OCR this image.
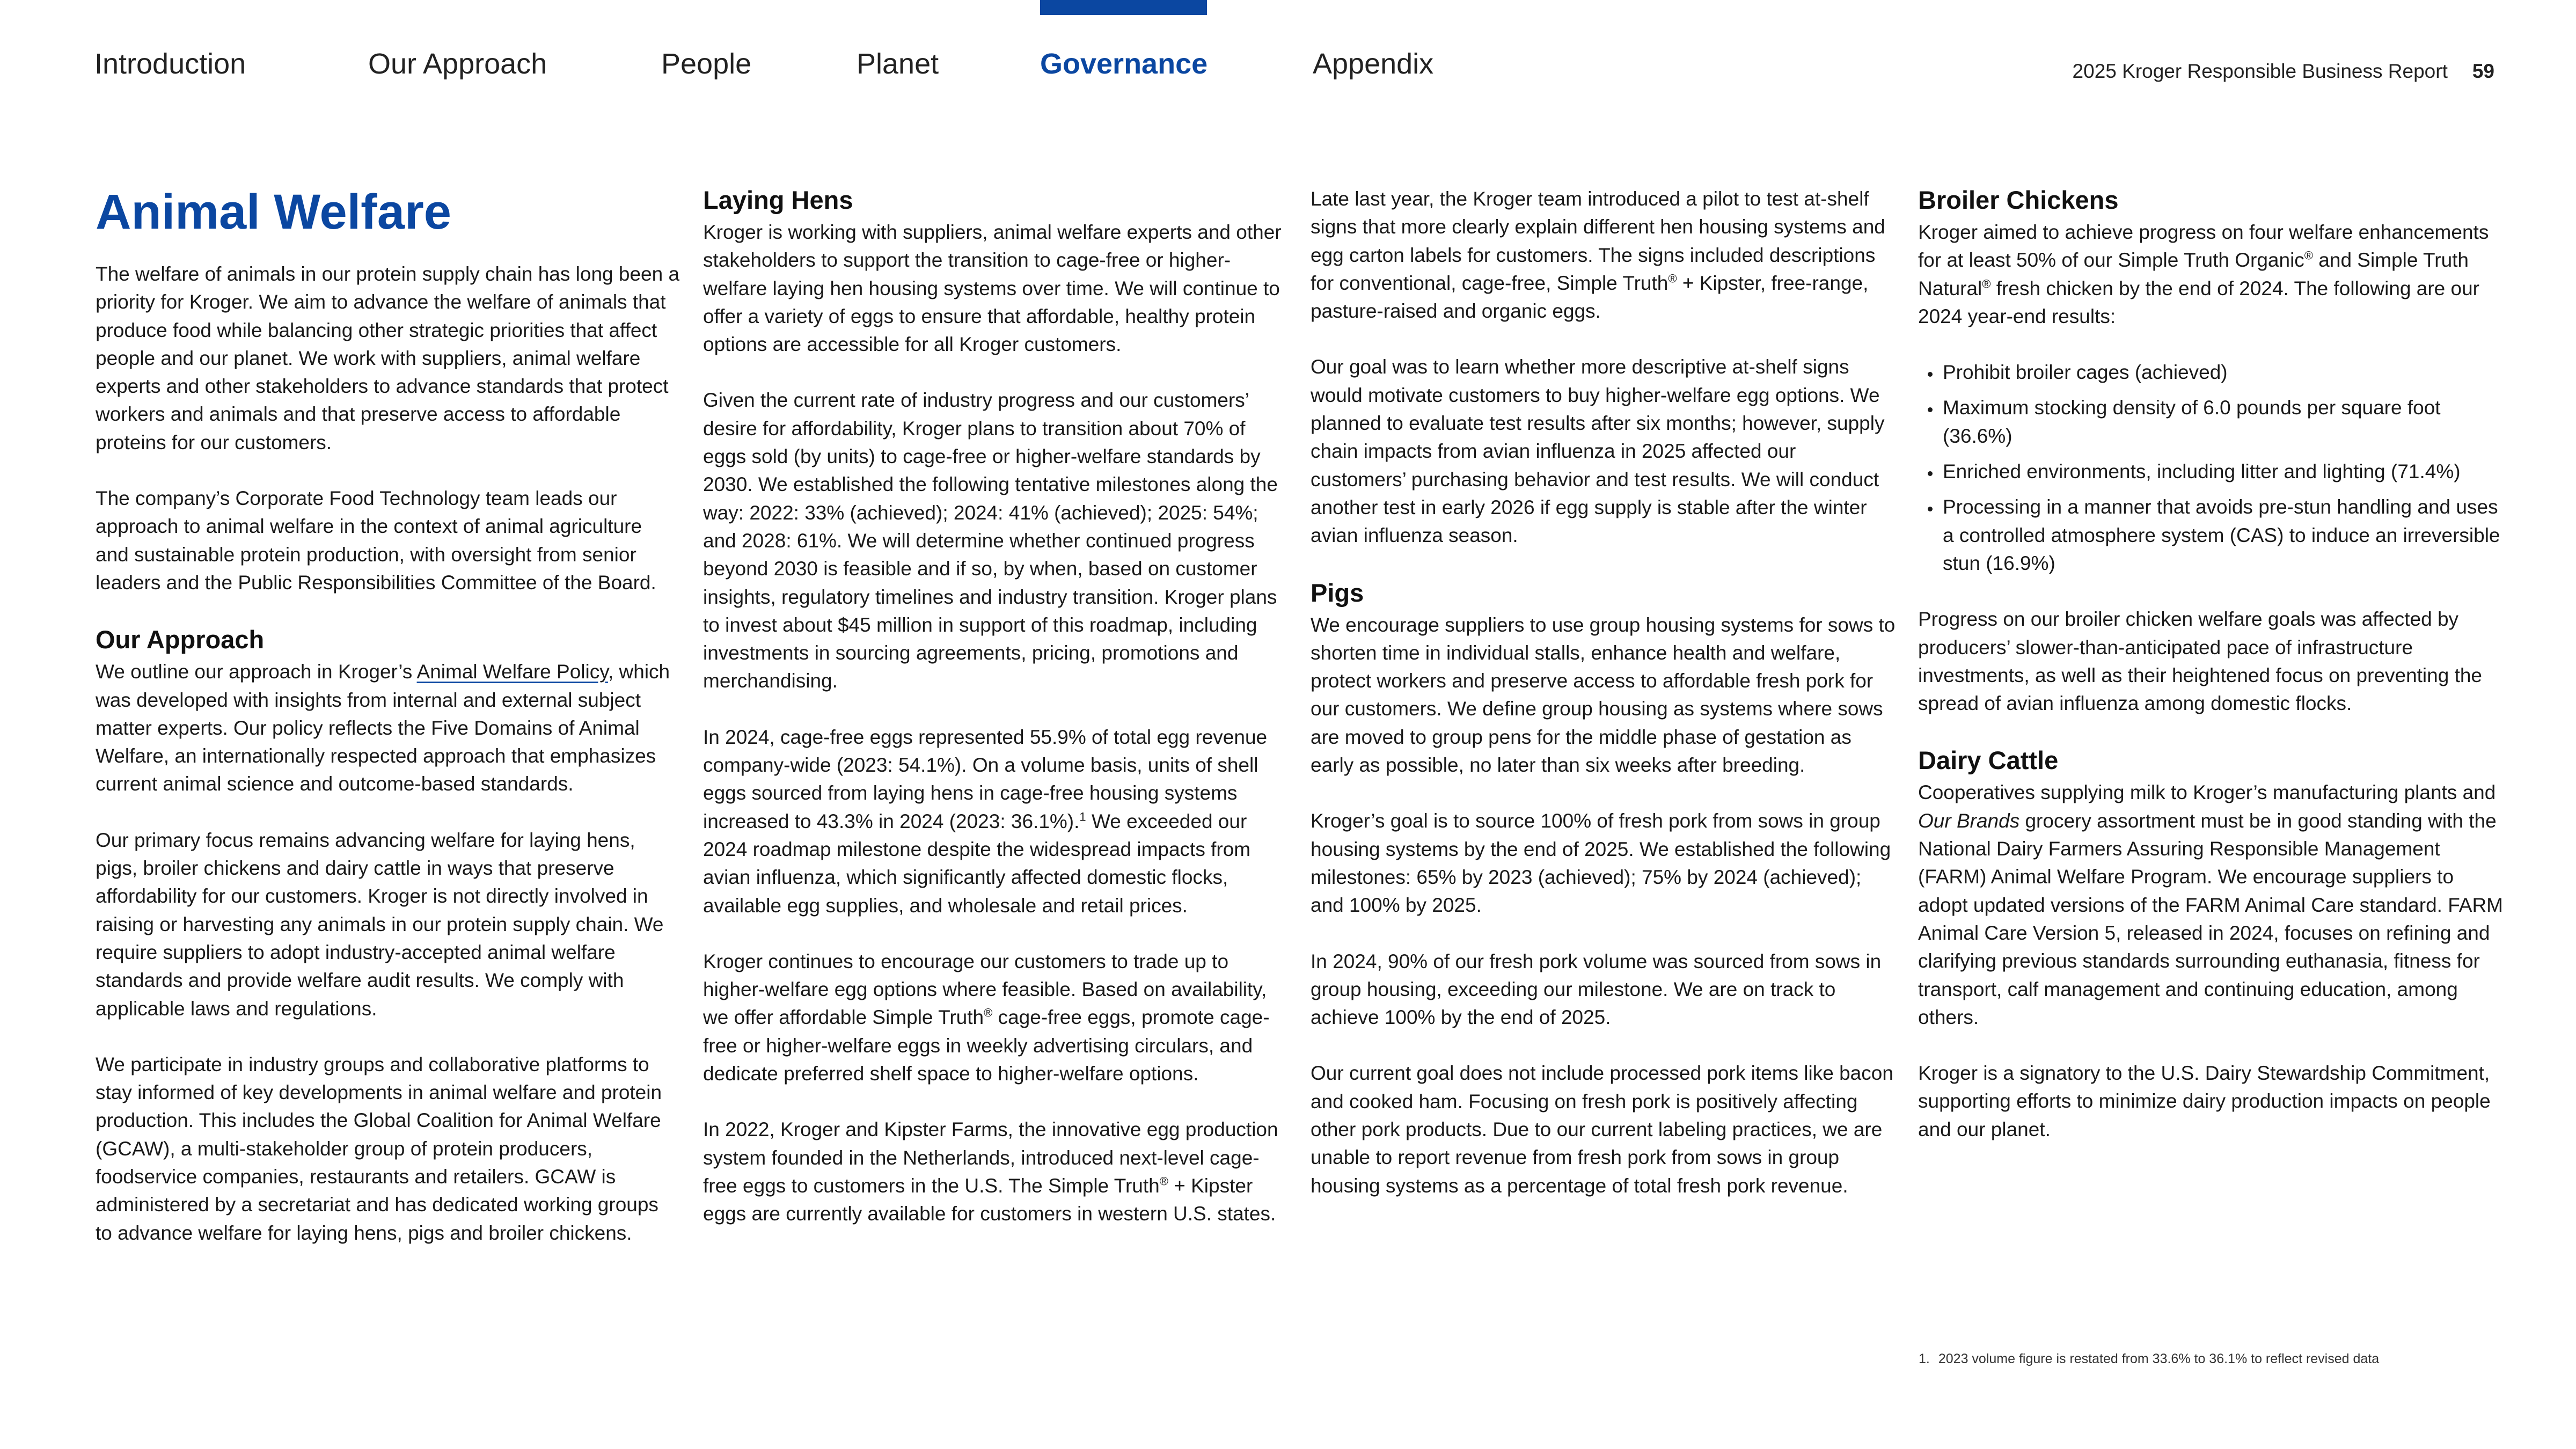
Introduction	Our Approach	People	Planet	Governance	Appendix	2025 Kroger Responsible Business Report 59
Animal Welfare

The welfare of animals in our protein supply chain has long been a priority for Kroger. We aim to advance the welfare of animals that produce food while balancing other strategic priorities that affect people and our planet. We work with suppliers, animal welfare experts and other stakeholders to advance standards that protect workers and animals and that preserve access to affordable proteins for our customers.

The company’s Corporate Food Technology team leads our approach to animal welfare in the context of animal agriculture and sustainable protein production, with oversight from senior leaders and the Public Responsibilities Committee of the Board.

Our Approach

We outline our approach in Kroger’s Animal Welfare Policy, which was developed with insights from internal and external subject matter experts. Our policy reflects the Five Domains of Animal Welfare, an internationally respected approach that emphasizes current animal science and outcome-based standards.

Our primary focus remains advancing welfare for laying hens, pigs, broiler chickens and dairy cattle in ways that preserve affordability for our customers. Kroger is not directly involved in raising or harvesting any animals in our protein supply chain. We require suppliers to adopt industry-accepted animal welfare standards and provide welfare audit results. We comply with applicable laws and regulations.

We participate in industry groups and collaborative platforms to stay informed of key developments in animal welfare and protein production. This includes the Global Coalition for Animal Welfare (GCAW), a multi-stakeholder group of protein producers, foodservice companies, restaurants and retailers. GCAW is administered by a secretariat and has dedicated working groups to advance welfare for laying hens, pigs and broiler chickens.

Laying Hens

Kroger is working with suppliers, animal welfare experts and other stakeholders to support the transition to cage-free or higher-welfare laying hen housing systems over time. We will continue to offer a variety of eggs to ensure that affordable, healthy protein options are accessible for all Kroger customers.

Given the current rate of industry progress and our customers’ desire for affordability, Kroger plans to transition about 70% of eggs sold (by units) to cage-free or higher-welfare standards by 2030. We established the following tentative milestones along the way: 2022: 33% (achieved); 2024: 41% (achieved); 2025: 54%; and 2028: 61%. We will determine whether continued progress beyond 2030 is feasible and if so, by when, based on customer insights, regulatory timelines and industry transition. Kroger plans to invest about $45 million in support of this roadmap, including investments in sourcing agreements, pricing, promotions and merchandising.

In 2024, cage-free eggs represented 55.9% of total egg revenue company-wide (2023: 54.1%). On a volume basis, units of shell eggs sourced from laying hens in cage-free housing systems increased to 43.3% in 2024 (2023: 36.1%).$^1$ We exceeded our 2024 roadmap milestone despite the widespread impacts from avian influenza, which significantly affected domestic flocks, available egg supplies, and wholesale and retail prices.

Kroger continues to encourage our customers to trade up to higher-welfare egg options where feasible. Based on availability, we offer affordable Simple Truth® cage-free eggs, promote cage-free or higher-welfare eggs in weekly advertising circulars, and dedicate preferred shelf space to higher-welfare options.

In 2022, Kroger and Kipster Farms, the innovative egg production system founded in the Netherlands, introduced next-level cage-free eggs to customers in the U.S. The Simple Truth® + Kipster eggs are currently available for customers in western U.S. states.

Late last year, the Kroger team introduced a pilot to test at-shelf signs that more clearly explain different hen housing systems and egg carton labels for customers. The signs included descriptions for conventional, cage-free, Simple Truth® + Kipster, free-range, pasture-raised and organic eggs.

Our goal was to learn whether more descriptive at-shelf signs would motivate customers to buy higher-welfare egg options. We planned to evaluate test results after six months; however, supply chain impacts from avian influenza in 2025 affected our customers’ purchasing behavior and test results. We will conduct another test in early 2026 if egg supply is stable after the winter avian influenza season.

Pigs

We encourage suppliers to use group housing systems for sows to shorten time in individual stalls, enhance health and welfare, protect workers and preserve access to affordable fresh pork for our customers. We define group housing as systems where sows are moved to group pens for the middle phase of gestation as early as possible, no later than six weeks after breeding.

Kroger’s goal is to source 100% of fresh pork from sows in group housing systems by the end of 2025. We established the following milestones: 65% by 2023 (achieved); 75% by 2024 (achieved); and 100% by 2025.

In 2024, 90% of our fresh pork volume was sourced from sows in group housing, exceeding our milestone. We are on track to achieve 100% by the end of 2025.

Our current goal does not include processed pork items like bacon and cooked ham. Focusing on fresh pork is positively affecting other pork products. Due to our current labeling practices, we are unable to report revenue from fresh pork from sows in group housing systems as a percentage of total fresh pork revenue.

Broiler Chickens

Kroger aimed to achieve progress on four welfare enhancements for at least 50% of our Simple Truth Organic® and Simple Truth Natural® fresh chicken by the end of 2024. The following are our 2024 year-end results:

• Prohibit broiler cages (achieved)
• Maximum stocking density of 6.0 pounds per square foot (36.6%)
• Enriched environments, including litter and lighting (71.4%)
• Processing in a manner that avoids pre-stun handling and uses a controlled atmosphere system (CAS) to induce an irreversible stun (16.9%)

Progress on our broiler chicken welfare goals was affected by producers’ slower-than-anticipated pace of infrastructure investments, as well as their heightened focus on preventing the spread of avian influenza among domestic flocks.

Dairy Cattle

Cooperatives supplying milk to Kroger’s manufacturing plants and Our Brands grocery assortment must be in good standing with the National Dairy Farmers Assuring Responsible Management (FARM) Animal Welfare Program. We encourage suppliers to adopt updated versions of the FARM Animal Care standard. FARM Animal Care Version 5, released in 2024, focuses on refining and clarifying previous standards surrounding euthanasia, fitness for transport, calf management and continuing education, among others.

Kroger is a signatory to the U.S. Dairy Stewardship Commitment, supporting efforts to minimize dairy production impacts on people and our planet.

1. 2023 volume figure is restated from 33.6% to 36.1% to reflect revised data
